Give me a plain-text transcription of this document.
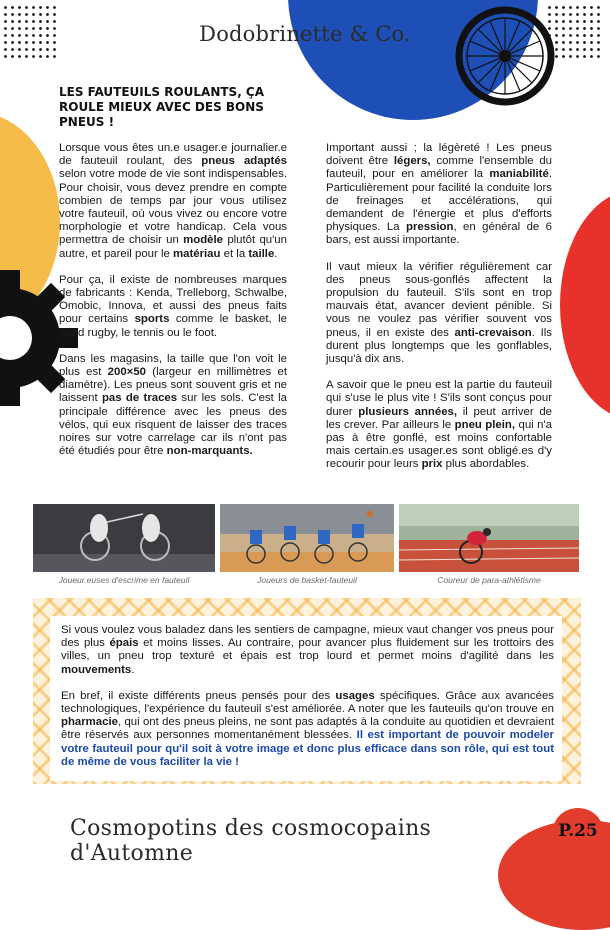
Dodobrinette & Co.
LES FAUTEUILS ROULANTS, ÇA ROULE MIEUX AVEC DES BONS PNEUS !

Lorsque vous êtes un.e usager.e journalier.e de fauteuil roulant, des pneus adaptés selon votre mode de vie sont indispensables. Pour choisir, vous devez prendre en compte combien de temps par jour vous utilisez votre fauteuil, où vous vivez ou encore votre morphologie et votre handicap. Cela vous permettra de choisir un modèle plutôt qu'un autre, et pareil pour le matériau et la taille.

Pour ça, il existe de nombreuses marques de fabricants : Kenda, Trelleborg, Schwalbe, Omobic, Innova, et aussi des pneus faits pour certains sports comme le basket, le quad rugby, le tennis ou le foot.

Dans les magasins, la taille que l'on voit le plus est 200×50 (largeur en millimètres et diamètre). Les pneus sont souvent gris et ne laissent pas de traces sur les sols. C'est la principale différence avec les pneus des vélos, qui eux risquent de laisser des traces noires sur votre carrelage car ils n'ont pas été étudiés pour être non-marquants.

Important aussi ; la légèreté ! Les pneus doivent être légers, comme l'ensemble du fauteuil, pour en améliorer la maniabilité. Particulièrement pour facilité la conduite lors de freinages et accélérations, qui demandent de l'énergie et plus d'efforts physiques. La pression, en général de 6 bars, est aussi importante.

Il vaut mieux la vérifier régulièrement car des pneus sous-gonflés affectent la propulsion du fauteuil. S'ils sont en trop mauvais état, avancer devient pénible. Si vous ne voulez pas vérifier souvent vos pneus, il en existe des anti-crevaison. Ils durent plus longtemps que les gonflables, jusqu'à dix ans.

A savoir que le pneu est la partie du fauteuil qui s'use le plus vite ! S'ils sont conçus pour durer plusieurs années, il peut arriver de les crever. Par ailleurs le pneu plein, qui n'a pas à être gonflé, est moins confortable mais certain.es usager.es sont obligé.es d'y recourir pour leurs prix plus abordables.

Joueur.euses d'escrime en fauteuil	Joueurs de basket-fauteuil	Coureur de para-athlétisme

Si vous voulez vous baladez dans les sentiers de campagne, mieux vaut changer vos pneus pour des plus épais et moins lisses. Au contraire, pour avancer plus fluidement sur les trottoirs des villes, un pneu trop texturé et épais est trop lourd et permet moins d'agilité dans les mouvements.

En bref, il existe différents pneus pensés pour des usages spécifiques. Grâce aux avancées technologiques, l'expérience du fauteuil s'est améliorée. A noter que les fauteuils qu'on trouve en pharmacie, qui ont des pneus pleins, ne sont pas adaptés à la conduite au quotidien et devraient être réservés aux personnes momentanément blessées. Il est important de pouvoir modeler votre fauteuil pour qu'il soit à votre image et donc plus efficace dans son rôle, qui est tout de même de vous faciliter la vie !

Cosmopotins des cosmocopains d'Automne
P.25
